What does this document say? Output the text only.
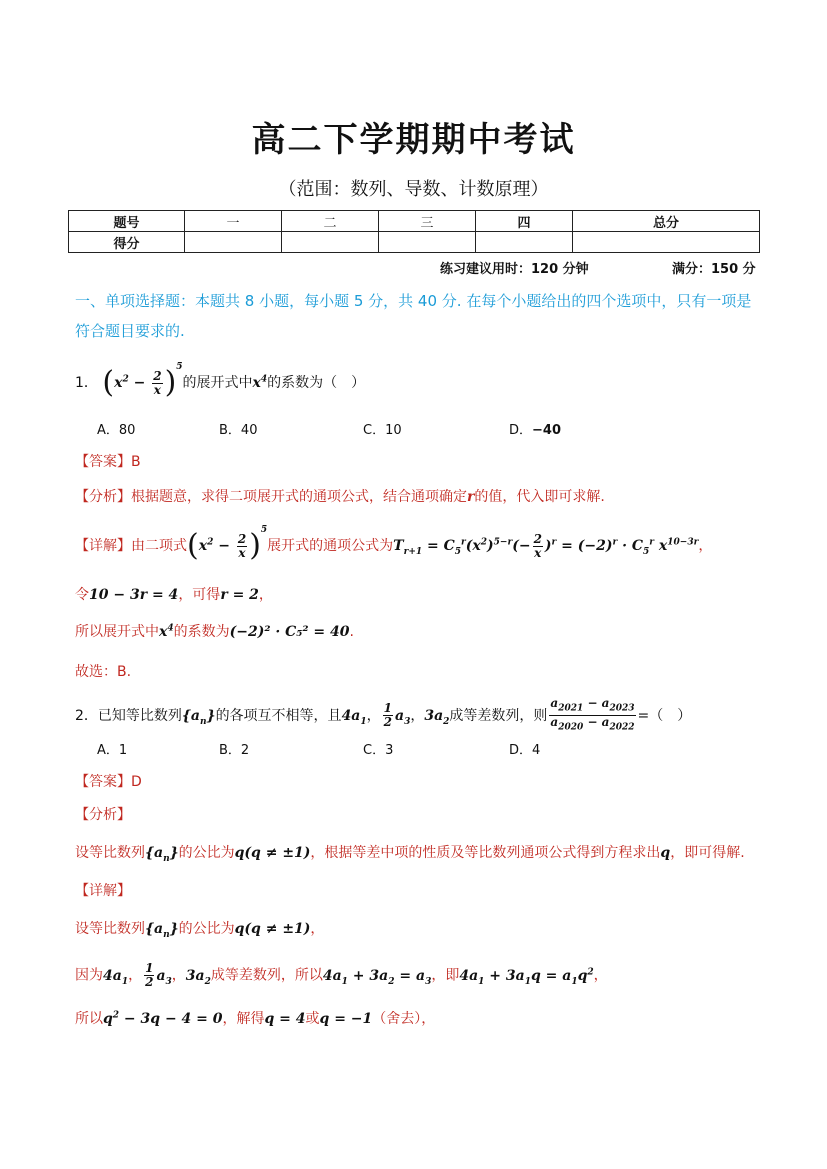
高二下学期期中考试
（范围：数列、导数、计数原理）
题号	一	二	三	四	总分
得分					
练习建议用时：120 分钟	满分：150 分
一、单项选择题：本题共 8 小题，每小题 5 分，共 40 分. 在每个小题给出的四个选项中，只有一项是符合题目要求的.
1． $(x^2 - \frac{2}{x} )^5$的展开式中$x^4$的系数为（　）
A．80	B．40	C．10	D．−40
【答案】B
【分析】根据题意，求得二项展开式的通项公式，结合通项确定r的值，代入即可求解.
【详解】由二项式$(x^2 - \frac{2}{x} )^5$展开式的通项公式为$T_{r+1} = C_5^r(x^2)^{5-r}(- \frac{2}{x} )^r = (-2)^r \cdot C_5^r$ $x^{10-3r}$，
令10 − 3r = 4，可得r = 2，
所以展开式中$x^4$的系数为(−2)² · C₅² = 40.
故选：B.
2．已知等比数列$\{a_n\}$的各项互不相等，且$4a_1$， $\frac{1}{2} a_3$，$3a_2$成等差数列，则 $\frac{a_{2021} - a_{2023}}{a_{2020} - a_{2022}}$ =（　）
A．1	B．2	C．3	D．4
【答案】D
【分析】
设等比数列$\{a_n\}$的公比为q(q ≠ ±1)，根据等差中项的性质及等比数列通项公式得到方程求出q，即可得解.
【详解】
设等比数列$\{a_n\}$的公比为q(q ≠ ±1)，
因为$4a_1$， $\frac{1}{2} a_3$，$3a_2$成等差数列，所以$4a_1 + 3a_2 = a_3$，即$4a_1 + 3a_1q = a_1q^2$，
所以$q^2 - 3q - 4 = 0$，解得q = 4或q = −1（舍去），
